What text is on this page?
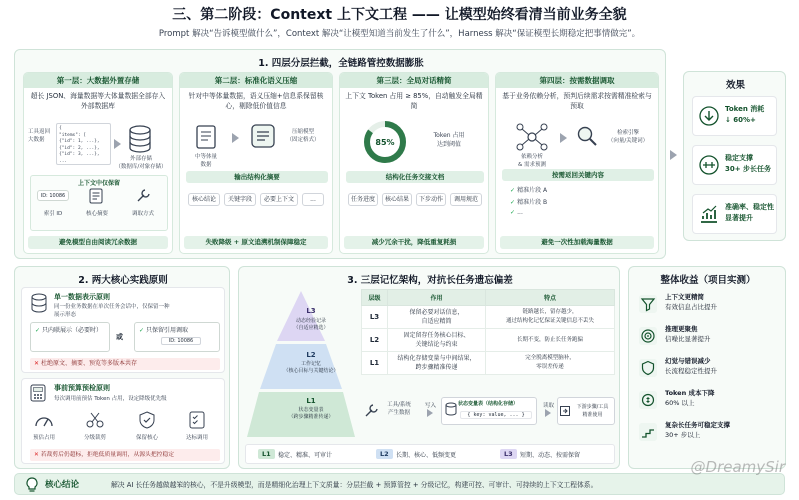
三、第二阶段：Context 上下文工程 —— 让模型始终看清当前业务全貌
Prompt 解决“告诉模型做什么”，Context 解决“让模型知道当前发生了什么”，Harness 解决“保证模型长期稳定把事情做完”。
1. 四层分层拦截，全链路管控数据膨胀
第一层：大数据外置存储
超长 JSON、海量数据等大体量数据全部存入外部数据库
工具返回
大数据
{
"items": [
{"id": 1, ...},
{"id": 2, ...},
{"id": 3, ...},
...	外部存储
（数据库/对象存储）
上下文中仅保留
ID: 10086
索引 ID	核心摘要	调取方式
避免模型自由阅读冗余数据
第二层：标准化语义压缩
针对中等体量数据，语义压缩+信息系保留核心，剔除低价值信息
中等体量
数据
压缩模型
（固定格式）
输出结构化摘要
核心结论	关键字段	必要上下文	...
失败降级 + 原文追溯机制保障稳定
第三层：全局对话精简
上下文 Token 占用 ≥ 85%，自动触发全局精简
85%
Token 占用
达到阈值
结构化任务交接文档
任务进度	核心结果	下步动作	调用规范
减少冗余干扰，降低重复耗损
第四层：按需数据调取
基于业务依赖分析，预判后续需求按需精准检索与预取
依赖分析
& 需求预测
检索引擎
（向量/关键词）
按需返回关键内容
✓ 精准片段 A
✓ 精准片段 B
✓ ...
避免一次性加载海量数据
效果
Token 消耗
↓ 60%+
稳定支撑
30+ 步长任务
准确率、稳定性
显著提升
2. 两大核心实践原则
单一数据表示原则
同一份业务数据在单次任务会话中，仅保留一种展示形态
✓ 只内联展示（必要时）
或
✓ 只保留引用调取
ID: 10086
✕ 杜绝原文、摘要、预览等多版本共存
事前预算预检原则
每次调用前预估 Token 占用，设定降级优先级
预估占用	分级裁剪	保留核心	达标调用
✕ 若裁剪后仍超标，拒绝低质量调用，从源头把控稳定
3. 三层记忆架构，对抗长任务遗忘偏差
L3
动态经验记录
（自适应精选）
L2
工作记忆
（核心目标与关键结论）
L1
状态变量表
（跨步骤精准传递）
层级	作用	特点
L3	保留必要对话信息，
自适应精简	链路越长，留存越少，
通过结构化记忆保证关键信息不丢失
L2	固定留存任务核心目标、
关键结论与约束	长期不变，防止长任务跑偏
L1	结构化存储变量与中间结果，
跨步骤精准传递	完全脱离模型脑补，
零误差传递
工具/系统
产生数据
写入	状态变量表（结构化存储）
{ key: value, ... }
读取	下游步骤/工具
精准使用
L1	稳定、精准、可审计	L2	长期、核心、低频变更	L3	短期、动态、按需保留
整体收益（项目实测）
上下文更精简
有效信息占比提升
推理更聚焦
信噪比显著提升
幻觉与错误减少
长流程稳定性提升
Token 成本下降
60% 以上
复杂长任务可稳定支撑
30+ 步以上
核心结论	解决 AI 长任务越做越笨的核心，不是升级模型，而是精细化治理上下文质量：分层拦截 + 预算管控 + 分级记忆，构建可控、可审计、可持续的上下文工程体系。
@DreamySir
